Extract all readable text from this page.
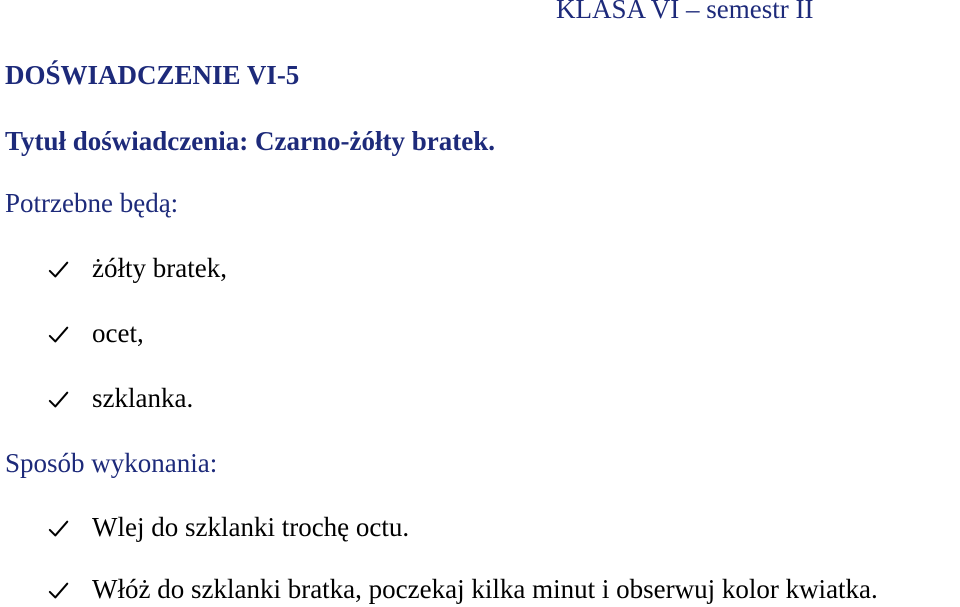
KLASA VI – semestr II
DOŚWIADCZENIE VI-5
Tytuł doświadczenia: Czarno-żółty bratek.
Potrzebne będą:
żółty bratek,
ocet,
szklanka.
Sposób wykonania:
Wlej do szklanki trochę octu.
Włóż do szklanki bratka, poczekaj kilka minut i obserwuj kolor kwiatka.
